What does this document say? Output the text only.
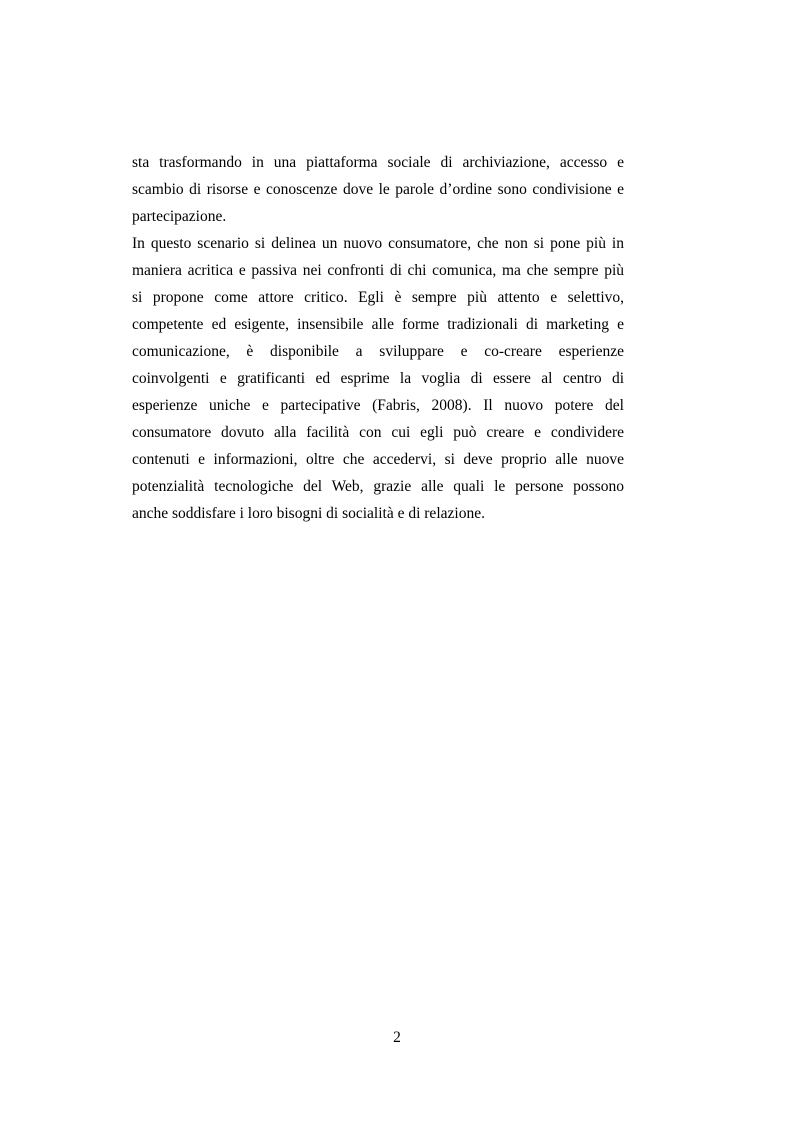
sta trasformando in una piattaforma sociale di archiviazione, accesso e
scambio di risorse e conoscenze dove le parole d’ordine sono condivisione e
partecipazione.
In questo scenario si delinea un nuovo consumatore, che non si pone più in
maniera acritica e passiva nei confronti di chi comunica, ma che sempre più
si propone come attore critico. Egli è sempre più attento e selettivo,
competente ed esigente, insensibile alle forme tradizionali di marketing e
comunicazione, è disponibile a sviluppare e co-creare esperienze
coinvolgenti e gratificanti ed esprime la voglia di essere al centro di
esperienze uniche e partecipative (Fabris, 2008). Il nuovo potere del
consumatore dovuto alla facilità con cui egli può creare e condividere
contenuti e informazioni, oltre che accedervi, si deve proprio alle nuove
potenzialità tecnologiche del Web, grazie alle quali le persone possono
anche soddisfare i loro bisogni di socialità e di relazione.
2
